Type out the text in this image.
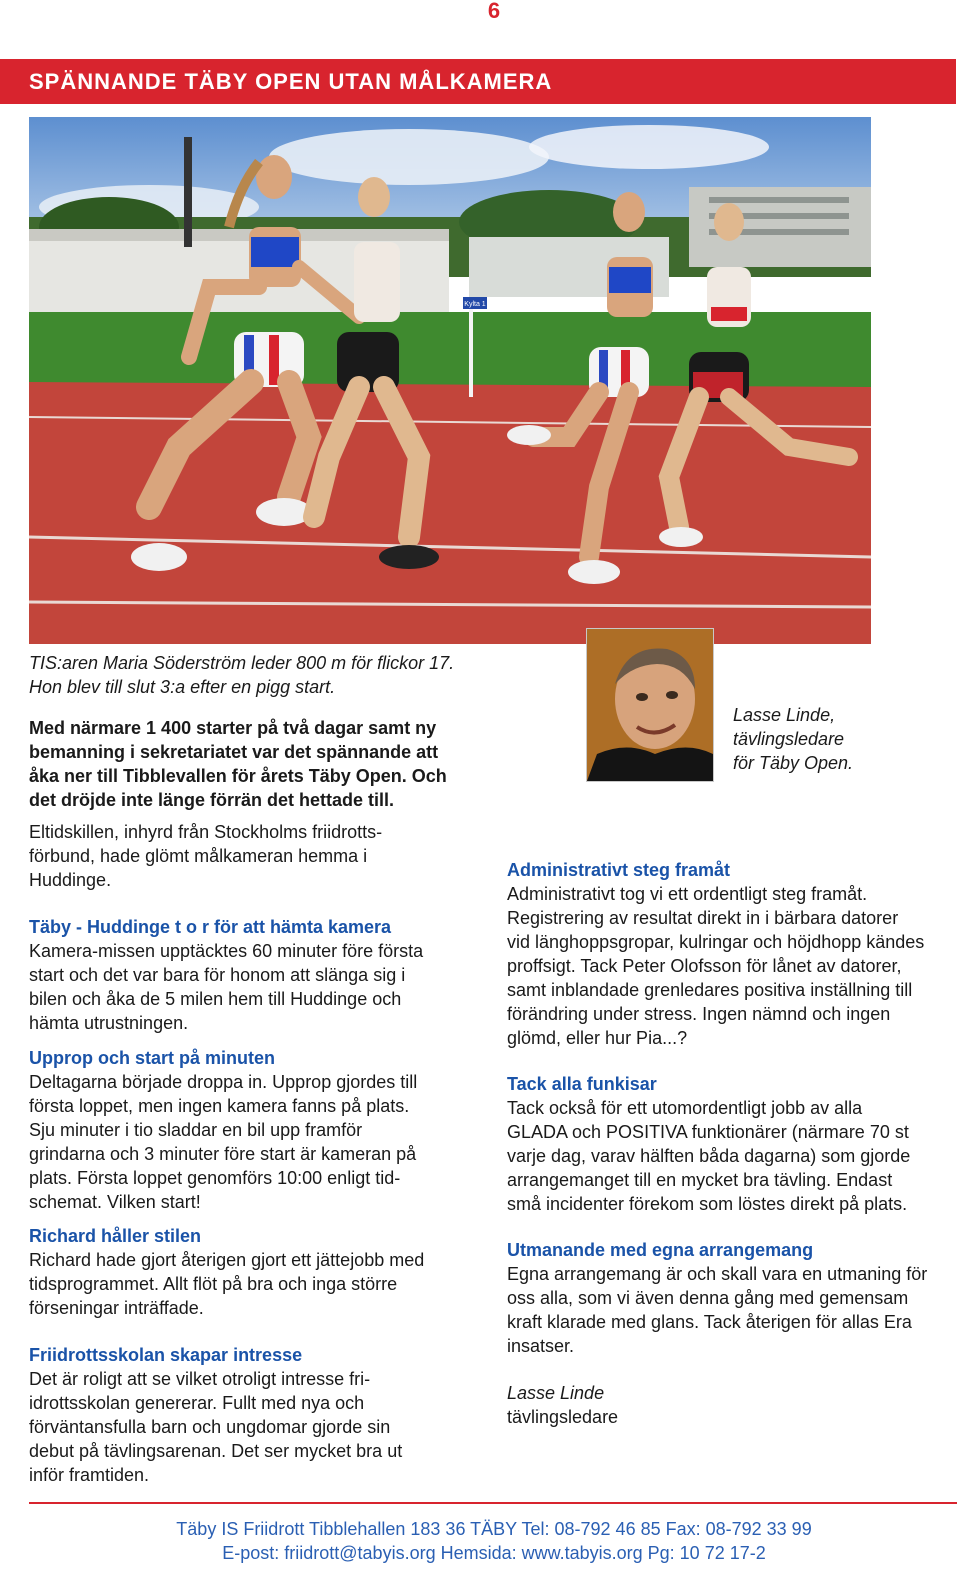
6
SPÄNNANDE TÄBY OPEN UTAN MÅLKAMERA
Kylta 1
TIS:aren Maria Söderström leder 800 m för flickor 17.
Hon blev till slut 3:a efter en pigg start.
Lasse Linde,
tävlingsledare
för Täby Open.
Med närmare 1 400 starter på två dagar samt ny
bemanning i sekretariatet var det spännande att
åka ner till Tibblevallen för årets Täby Open. Och
det dröjde inte länge förrän det hettade till.
Eltidskillen, inhyrd från Stockholms friidrotts-
förbund, hade glömt målkameran hemma i
Huddinge.
Täby - Huddinge t o r för att hämta kamera
Kamera-missen upptäcktes 60 minuter före första
start och det var bara för honom att slänga sig i
bilen och åka de 5 milen hem till Huddinge och
hämta utrustningen.
Upprop och start på minuten
Deltagarna började droppa in. Upprop gjordes till
första loppet, men ingen kamera fanns på plats.
Sju minuter i tio sladdar en bil upp framför
grindarna och 3 minuter före start är kameran på
plats. Första loppet genomförs 10:00 enligt tid-
schemat. Vilken start!
Richard håller stilen
Richard hade gjort återigen gjort ett jättejobb med
tidsprogrammet. Allt flöt på bra och inga större
förseningar inträffade.
Friidrottsskolan skapar intresse
Det är roligt att se vilket otroligt intresse fri-
idrottsskolan genererar. Fullt med nya och
förväntansfulla barn och ungdomar gjorde sin
debut på tävlingsarenan. Det ser mycket bra ut
inför framtiden.
Administrativt steg framåt
Administrativt tog vi ett ordentligt steg framåt.
Registrering av resultat direkt in i bärbara datorer
vid länghoppsgropar, kulringar och höjdhopp kändes
proffsigt. Tack Peter Olofsson för lånet av datorer,
samt inblandade grenledares positiva inställning till
förändring under stress. Ingen nämnd och ingen
glömd, eller hur Pia...?
Tack alla funkisar
Tack också för ett utomordentligt jobb av alla
GLADA och POSITIVA funktionärer (närmare 70 st
varje dag, varav hälften båda dagarna) som gjorde
arrangemanget till en mycket bra tävling. Endast
små incidenter förekom som löstes direkt på plats.
Utmanande med egna arrangemang
Egna arrangemang är och skall vara en utmaning för
oss alla, som vi även denna gång med gemensam
kraft klarade med glans. Tack återigen för allas Era
insatser.
Lasse Linde
tävlingsledare
Täby IS Friidrott Tibblehallen 183 36 TÄBY Tel: 08-792 46 85 Fax: 08-792 33 99
E-post: friidrott@tabyis.org Hemsida: www.tabyis.org Pg: 10 72 17-2
